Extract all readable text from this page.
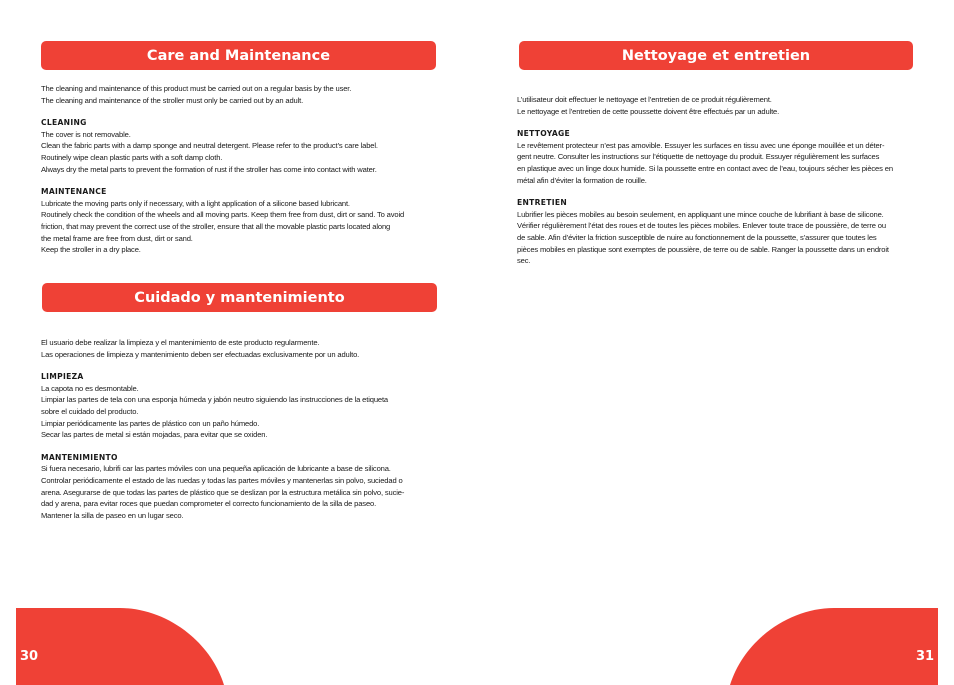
Care and Maintenance
Cuidado y mantenimiento
Nettoyage et entretien

The cleaning and maintenance of this product must be carried out on a regular basis by the user.

The cleaning and maintenance of the stroller must only be carried out by an adult.

CLEANING

The cover is not removable.

Clean the fabric parts with a damp sponge and neutral detergent. Please refer to the product’s care label.

Routinely wipe clean plastic parts with a soft damp cloth.

Always dry the metal parts to prevent the formation of rust if the stroller has come into contact with water.

MAINTENANCE

Lubricate the moving parts only if necessary, with a light application of a silicone based lubricant.

Routinely check the condition of the wheels and all moving parts. Keep them free from dust, dirt or sand. To avoid

friction, that may prevent the correct use of the stroller, ensure that all the movable plastic parts located along

the metal frame are free from dust, dirt or sand.

Keep the stroller in a dry place.

El usuario debe realizar la limpieza y el mantenimiento de este producto regularmente.

Las operaciones de limpieza y mantenimiento deben ser efectuadas exclusivamente por un adulto.

LIMPIEZA

La capota no es desmontable.

Limpiar las partes de tela con una esponja húmeda y jabón neutro siguiendo las instrucciones de la etiqueta

sobre el cuidado del producto.

Limpiar periódicamente las partes de plástico con un paño húmedo.

Secar las partes de metal si están mojadas, para evitar que se oxiden.

MANTENIMIENTO

Si fuera necesario, lubrifi car las partes móviles con una pequeña aplicación de lubricante a base de silicona.

Controlar periódicamente el estado de las ruedas y todas las partes móviles y mantenerlas sin polvo, suciedad o

arena. Asegurarse de que todas las partes de plástico que se deslizan por la estructura metálica sin polvo, sucie-

dad y arena, para evitar roces que puedan comprometer el correcto funcionamiento de la silla de paseo.

Mantener la silla de paseo en un lugar seco.

L’utilisateur doit effectuer le nettoyage et l’entretien de ce produit régulièrement.

Le nettoyage et l’entretien de cette poussette doivent être effectués par un adulte.

NETTOYAGE

Le revêtement protecteur n’est pas amovible. Essuyer les surfaces en tissu avec une éponge mouillée et un déter-

gent neutre. Consulter les instructions sur l’étiquette de nettoyage du produit. Essuyer régulièrement les surfaces

en plastique avec un linge doux humide. Si la poussette entre en contact avec de l’eau, toujours sécher les pièces en

métal afin d’éviter la formation de rouille.

ENTRETIEN

Lubrifier les pièces mobiles au besoin seulement, en appliquant une mince couche de lubrifiant à base de silicone.

Vérifier régulièrement l’état des roues et de toutes les pièces mobiles. Enlever toute trace de poussière, de terre ou

de sable. Afin d’éviter la friction susceptible de nuire au fonctionnement de la poussette, s’assurer que toutes les

pièces mobiles en plastique sont exemptes de poussière, de terre ou de sable. Ranger la poussette dans un endroit

sec.

30	31
